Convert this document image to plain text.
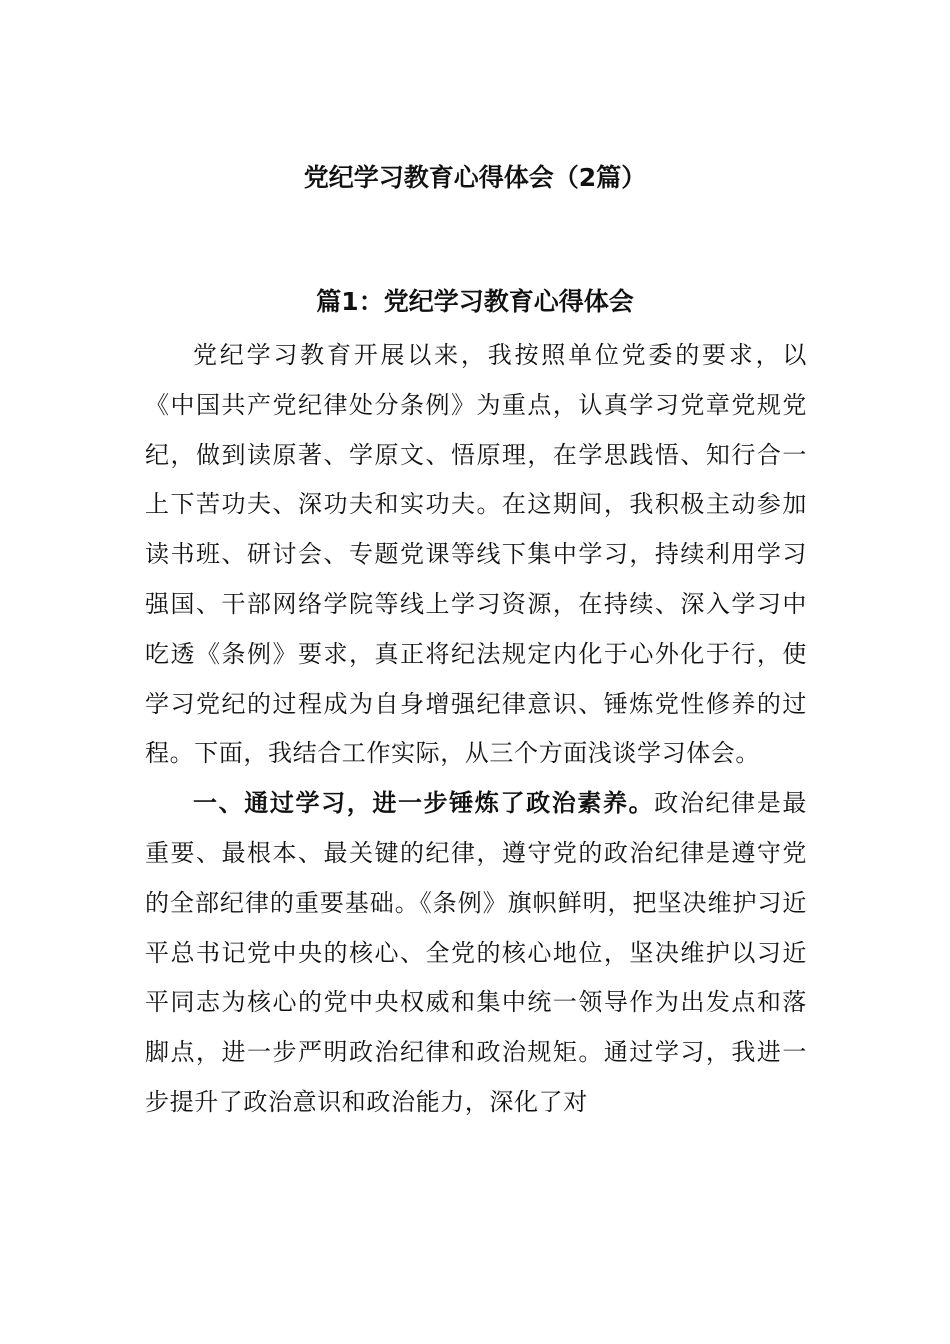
党纪学习教育心得体会（2篇）
篇1：党纪学习教育心得体会

党纪学习教育开展以来，我按照单位党委的要求，以《中国共产党纪律处分条例》为重点，认真学习党章党规党纪，做到读原著、学原文、悟原理，在学思践悟、知行合一上下苦功夫、深功夫和实功夫。在这期间，我积极主动参加读书班、研讨会、专题党课等线下集中学习，持续利用学习强国、干部网络学院等线上学习资源，在持续、深入学习中吃透《条例》要求，真正将纪法规定内化于心外化于行，使学习党纪的过程成为自身增强纪律意识、锤炼党性修养的过程。下面，我结合工作实际，从三个方面浅谈学习体会。

一、通过学习，进一步锤炼了政治素养。政治纪律是最重要、最根本、最关键的纪律，遵守党的政治纪律是遵守党的全部纪律的重要基础。《条例》旗帜鲜明，把坚决维护习近平总书记党中央的核心、全党的核心地位，坚决维护以习近平同志为核心的党中央权威和集中统一领导作为出发点和落脚点，进一步严明政治纪律和政治规矩。通过学习，我进一步提升了政治意识和政治能力，深化了对
